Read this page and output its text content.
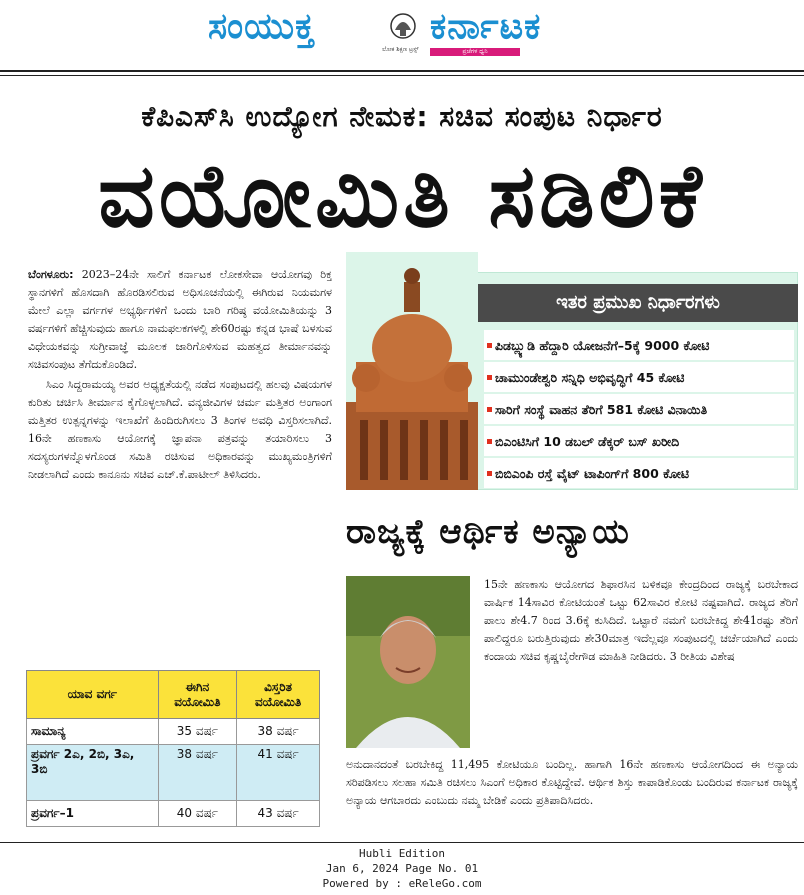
ಸಂಯುಕ್ತ
ಲೋಕ ಶಿಕ್ಷಣ ಟ್ರಸ್ಟ್
ಕರ್ನಾಟಕ
ಪ್ರಜೆಗಳ ಧ್ವನಿ
ಕೆಪಿಎಸ್‌ಸಿ ಉದ್ಯೋಗ ನೇಮಕ: ಸಚಿವ ಸಂಪುಟ ನಿರ್ಧಾರ
ವಯೋಮಿತಿ ಸಡಿಲಿಕೆ

ಬೆಂಗಳೂರು: 2023–24ನೇ ಸಾಲಿಗೆ ಕರ್ನಾಟಕ ಲೋಕಸೇವಾ ಆಯೋಗವು ರಿಕ್ತ ಸ್ಥಾನಗಳಿಗೆ ಹೊಸದಾಗಿ ಹೊರಡಿಸಲಿರುವ ಅಧಿಸೂಚನೆಯಲ್ಲಿ ಈಗಿರುವ ನಿಯಮಗಳ ಮೇಲೆ ಎಲ್ಲಾ ವರ್ಗಗಳ ಅಭ್ಯರ್ಥಿಗಳಿಗೆ ಒಂದು ಬಾರಿ ಗರಿಷ್ಠ ವಯೋಮಿತಿಯನ್ನು 3 ವರ್ಷಗಳಿಗೆ ಹೆಚ್ಚಿಸುವುದು ಹಾಗೂ ನಾಮಫಲಕಗಳಲ್ಲಿ ಶೇ60ರಷ್ಟು ಕನ್ನಡ ಭಾಷೆ ಬಳಸುವ ವಿಧೇಯಕವನ್ನು ಸುಗ್ರೀವಾಜ್ಞೆ ಮೂಲಕ ಜಾರಿಗೊಳಿಸುವ ಮಹತ್ವದ ತೀರ್ಮಾನವನ್ನು ಸಚಿವಸಂಪುಟ ತೆಗೆದುಕೊಂಡಿದೆ.

ಸಿಎಂ ಸಿದ್ದರಾಮಯ್ಯ ಅವರ ಅಧ್ಯಕ್ಷತೆಯಲ್ಲಿ ನಡೆದ ಸಂಪುಟದಲ್ಲಿ ಹಲವು ವಿಷಯಗಳ ಕುರಿತು ಚರ್ಚಿಸಿ ತೀರ್ಮಾನ ಕೈಗೊಳ್ಳಲಾಗಿದೆ. ವನ್ಯಜೀವಿಗಳ ಚರ್ಮ ಮತ್ತಿತರ ಅಂಗಾಂಗ ಮತ್ತಿತರ ಉತ್ಪನ್ನಗಳನ್ನು ಇಲಾಖೆಗೆ ಹಿಂದಿರುಗಿಸಲು 3 ತಿಂಗಳ ಅವಧಿ ವಿಸ್ತರಿಸಲಾಗಿದೆ. 16ನೇ ಹಣಕಾಸು ಆಯೋಗಕ್ಕೆ ಜ್ಞಾಪನಾ ಪತ್ರವನ್ನು ತಯಾರಿಸಲು 3 ಸದಸ್ಯರುಗಳನ್ನೊಳಗೊಂಡ ಸಮಿತಿ ರಚಿಸುವ ಅಧಿಕಾರವನ್ನು ಮುಖ್ಯಮಂತ್ರಿಗಳಿಗೆ ನೀಡಲಾಗಿದೆ ಎಂದು ಕಾನೂನು ಸಚಿವ ಎಚ್.ಕೆ.ಪಾಟೀಲ್ ತಿಳಿಸಿದರು.

ಯಾವ ವರ್ಗ	ಈಗಿನ ವಯೋಮಿತಿ	ವಿಸ್ತರಿತ ವಯೋಮಿತಿ
ಸಾಮಾನ್ಯ	35 ವರ್ಷ	38 ವರ್ಷ
ಪ್ರವರ್ಗ 2ಎ, 2ಬಿ, 3ಎ, 3ಬಿ	38 ವರ್ಷ	41 ವರ್ಷ
ಪ್ರವರ್ಗ–1	40 ವರ್ಷ	43 ವರ್ಷ
ಇತರ ಪ್ರಮುಖ ನಿರ್ಧಾರಗಳು
ಪಿಡಬ್ಲ್ಯುಡಿ ಹೆದ್ದಾರಿ ಯೋಜನೆಗೆ–5ಕ್ಕೆ 9000 ಕೋಟಿ
ಚಾಮುಂಡೇಶ್ವರಿ ಸನ್ನಿಧಿ ಅಭಿವೃದ್ಧಿಗೆ 45 ಕೋಟಿ
ಸಾರಿಗೆ ಸಂಸ್ಥೆ ವಾಹನ ತೆರಿಗೆ 581 ಕೋಟಿ ವಿನಾಯಿತಿ
ಬಿಎಂಟಿಸಿಗೆ 10 ಡಬಲ್ ಡೆಕ್ಕರ್ ಬಸ್ ಖರೀದಿ
ಬಿಬಿಎಂಪಿ ರಸ್ತೆ ವೈಟ್ ಟಾಪಿಂಗ್‌ಗೆ 800 ಕೋಟಿ
ರಾಜ್ಯಕ್ಕೆ ಆರ್ಥಿಕ ಅನ್ಯಾಯ
15ನೇ ಹಣಕಾಸು ಆಯೋಗದ ಶಿಫಾರಸಿನ ಬಳಿಕವೂ ಕೇಂದ್ರದಿಂದ ರಾಜ್ಯಕ್ಕೆ ಬರಬೇಕಾದ ವಾರ್ಷಿಕ 14ಸಾವಿರ ಕೋಟಿಯಂತೆ ಒಟ್ಟು 62ಸಾವಿರ ಕೋಟಿ ನಷ್ಟವಾಗಿದೆ. ರಾಜ್ಯದ ತೆರಿಗೆ ಪಾಲು ಶೇ4.7 ರಿಂದ 3.6ಕ್ಕೆ ಕುಸಿದಿದೆ. ಒಟ್ಟಾರೆ ನಮಗೆ ಬರಬೇಕಿದ್ದ ಶೇ41ರಷ್ಟು ತೆರಿಗೆ ಪಾಲಿದ್ದರೂ ಬರುತ್ತಿರುವುದು ಶೇ30ಮಾತ್ರ ಇದೆಲ್ಲವೂ ಸಂಪುಟದಲ್ಲಿ ಚರ್ಚೆಯಾಗಿದೆ ಎಂದು ಕಂದಾಯ ಸಚಿವ ಕೃಷ್ಣಬೈರೇಗೌಡ ಮಾಹಿತಿ ನೀಡಿದರು. 3 ರೀತಿಯ ವಿಶೇಷ
ಅನುದಾನದಂತೆ ಬರಬೇಕಿದ್ದ 11,495 ಕೋಟಿಯೂ ಬಂದಿಲ್ಲ. ಹಾಗಾಗಿ 16ನೇ ಹಣಕಾಸು ಆಯೋಗದಿಂದ ಈ ಅನ್ಯಾಯ ಸರಿಪಡಿಸಲು ಸಲಹಾ ಸಮಿತಿ ರಚಿಸಲು ಸಿಎಂಗೆ ಅಧಿಕಾರ ಕೊಟ್ಟಿದ್ದೇವೆ. ಆರ್ಥಿಕ ಶಿಸ್ತು ಕಾಪಾಡಿಕೊಂಡು ಬಂದಿರುವ ಕರ್ನಾಟಕ ರಾಜ್ಯಕ್ಕೆ ಅನ್ಯಾಯ ಆಗಬಾರದು ಎಂಬುದು ನಮ್ಮ ಬೇಡಿಕೆ ಎಂದು ಪ್ರತಿಪಾದಿಸಿದರು.
Hubli Edition
Jan 6, 2024 Page No. 01
Powered by : eReleGo.com
